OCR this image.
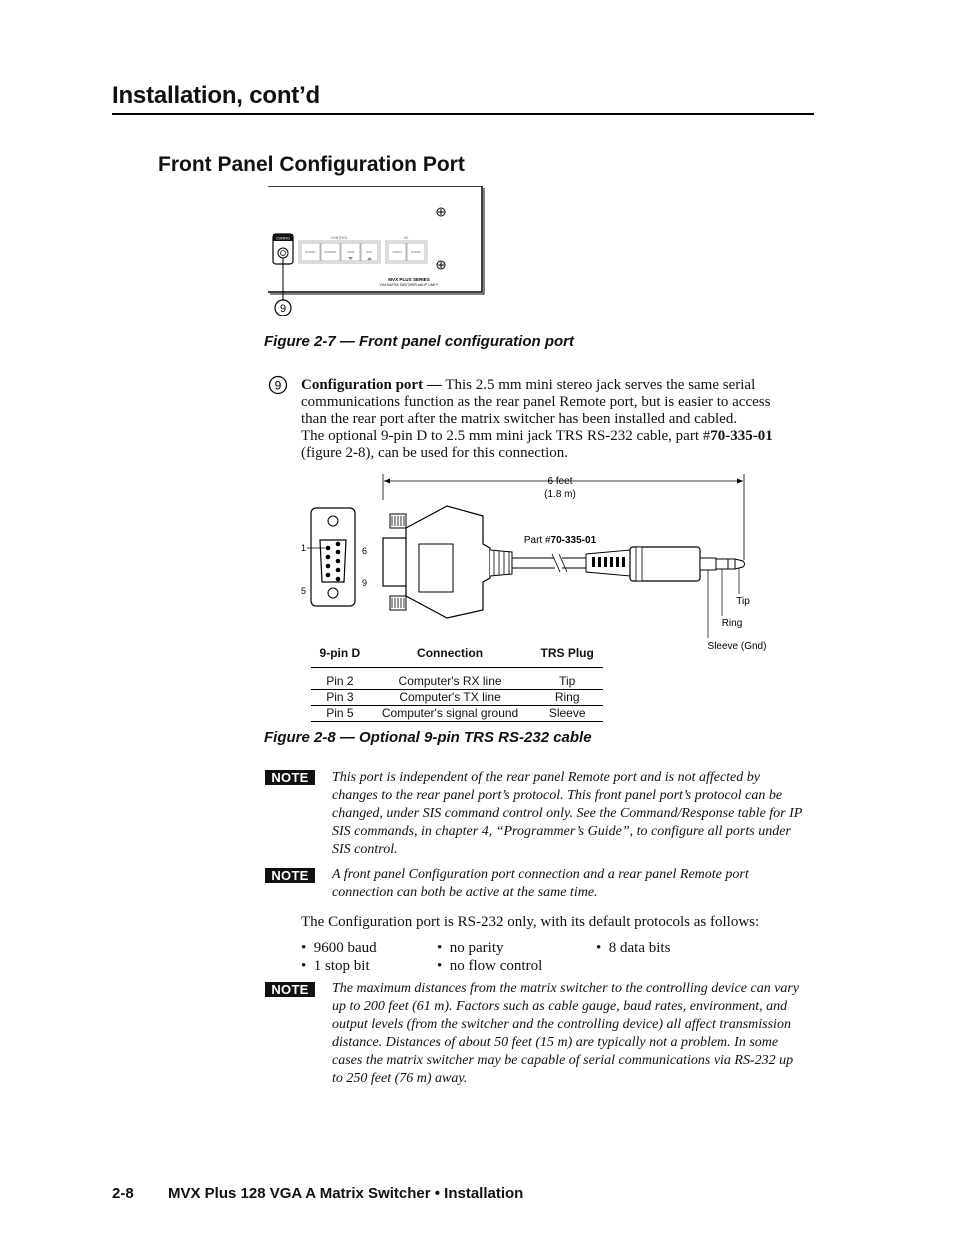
Installation, cont’d
Front Panel Configuration Port
CONFIG	CONTROL
ENTER	PRESET	VIEW	ESC
I/O
VIDEO	AUDIO
MVX PLUS SERIES
VGA MATRIX SWITCHER with IP LINK™
9
Figure 2-7 — Front panel configuration port
9 Configuration port — This 2.5 mm mini stereo jack serves the same serial
communications function as the rear panel Remote port, but is easier to access
than the rear port after the matrix switcher has been installed and cabled.
The optional 9-pin D to 2.5 mm mini jack TRS RS-232 cable, part #70-335-01
(figure 2-8), can be used for this connection.
6 feet
(1.8 m)
1
5
6
9
Part #70-335-01
Tip
Ring
Sleeve (Gnd)
9-pin D	Connection	TRS Plug
Pin 2	Computer's RX line	Tip
Pin 3	Computer's TX line	Ring
Pin 5	Computer's signal ground	Sleeve
Figure 2-8 — Optional 9-pin TRS RS-232 cable
NOTE	This port is independent of the rear panel Remote port and is not affected by changes to the rear panel port’s protocol. This front panel port’s protocol can be changed, under SIS command control only. See the Command/Response table for IP SIS commands, in chapter 4, “Programmer’s Guide”, to configure all ports under SIS control.
NOTE	A front panel Configuration port connection and a rear panel Remote port connection can both be active at the same time.
The Configuration port is RS-232 only, with its default protocols as follows:
•  9600 baud	•  no parity	•  8 data bits
•  1 stop bit	•  no flow control
NOTE	The maximum distances from the matrix switcher to the controlling device can vary up to 200 feet (61 m). Factors such as cable gauge, baud rates, environment, and output levels (from the switcher and the controlling device) all affect transmission distance. Distances of about 50 feet (15 m) are typically not a problem. In some cases the matrix switcher may be capable of serial communications via RS-232 up to 250 feet (76 m) away.
2-8 MVX Plus 128 VGA A Matrix Switcher • Installation
